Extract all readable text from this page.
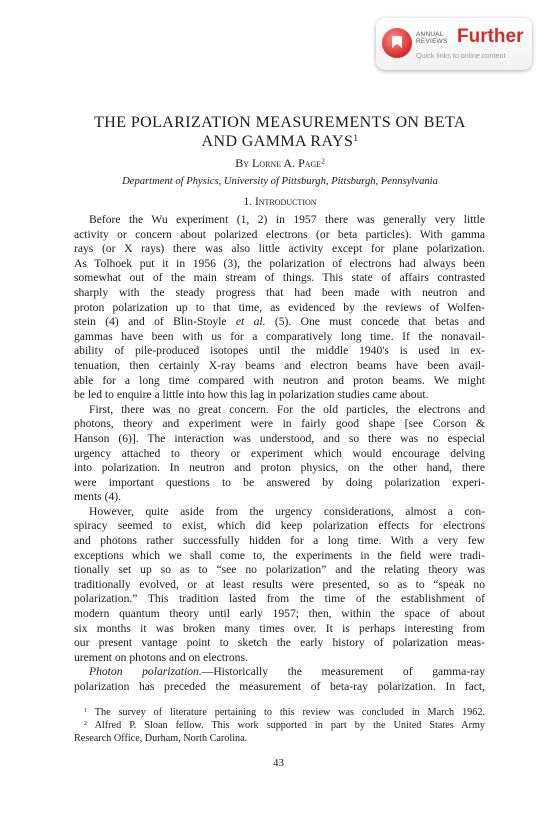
ANNUAL
REVIEWS Further
Quick links to online content
THE POLARIZATION MEASUREMENTS ON BETA
AND GAMMA RAYS$^1$
By Lorne A. Page$^2$
Department of Physics, University of Pittsburgh, Pittsburgh, Pennsylvania
1. Introduction
Before the Wu experiment (1, 2) in 1957 there was generally very little
activity or concern about polarized electrons (or beta particles). With gamma
rays (or X rays) there was also little activity except for plane polarization.
As Tolhoek put it in 1956 (3), the polarization of electrons had always been
somewhat out of the main stream of things. This state of affairs contrasted
sharply with the steady progress that had been made with neutron and
proton polarization up to that time, as evidenced by the reviews of Wolfen-
stein (4) and of Blin-Stoyle et al. (5). One must concede that betas and
gammas have been with us for a comparatively long time. If the nonavail-
ability of pile-produced isotopes until the middle 1940's is used in ex-
tenuation, then certainly X-ray beams and electron beams have been avail-
able for a long time compared with neutron and proton beams. We might
be led to enquire a little into how this lag in polarization studies came about.
First, there was no great concern. For the old particles, the electrons and
photons, theory and experiment were in fairly good shape [see Corson &
Hanson (6)]. The interaction was understood, and so there was no especial
urgency attached to theory or experiment which would encourage delving
into polarization. In neutron and proton physics, on the other hand, there
were important questions to be answered by doing polarization experi-
ments (4).
However, quite aside from the urgency considerations, almost a con-
spiracy seemed to exist, which did keep polarization effects for electrons
and photons rather successfully hidden for a long time. With a very few
exceptions which we shall come to, the experiments in the field were tradi-
tionally set up so as to “see no polarization” and the relating theory was
traditionally evolved, or at least results were presented, so as to “speak no
polarization.” This tradition lasted from the time of the establishment of
modern quantum theory until early 1957; then, within the space of about
six months it was broken many times over. It is perhaps interesting from
our present vantage point to sketch the early history of polarization meas-
urement on photons and on electrons.
Photon polarization.—Historically the measurement of gamma-ray
polarization has preceded the measurement of beta-ray polarization. In fact,
$^1$ The survey of literature pertaining to this review was concluded in March 1962.
$^2$ Alfred P. Sloan fellow. This work supported in part by the United States Army
Research Office, Durham, North Carolina.
43
